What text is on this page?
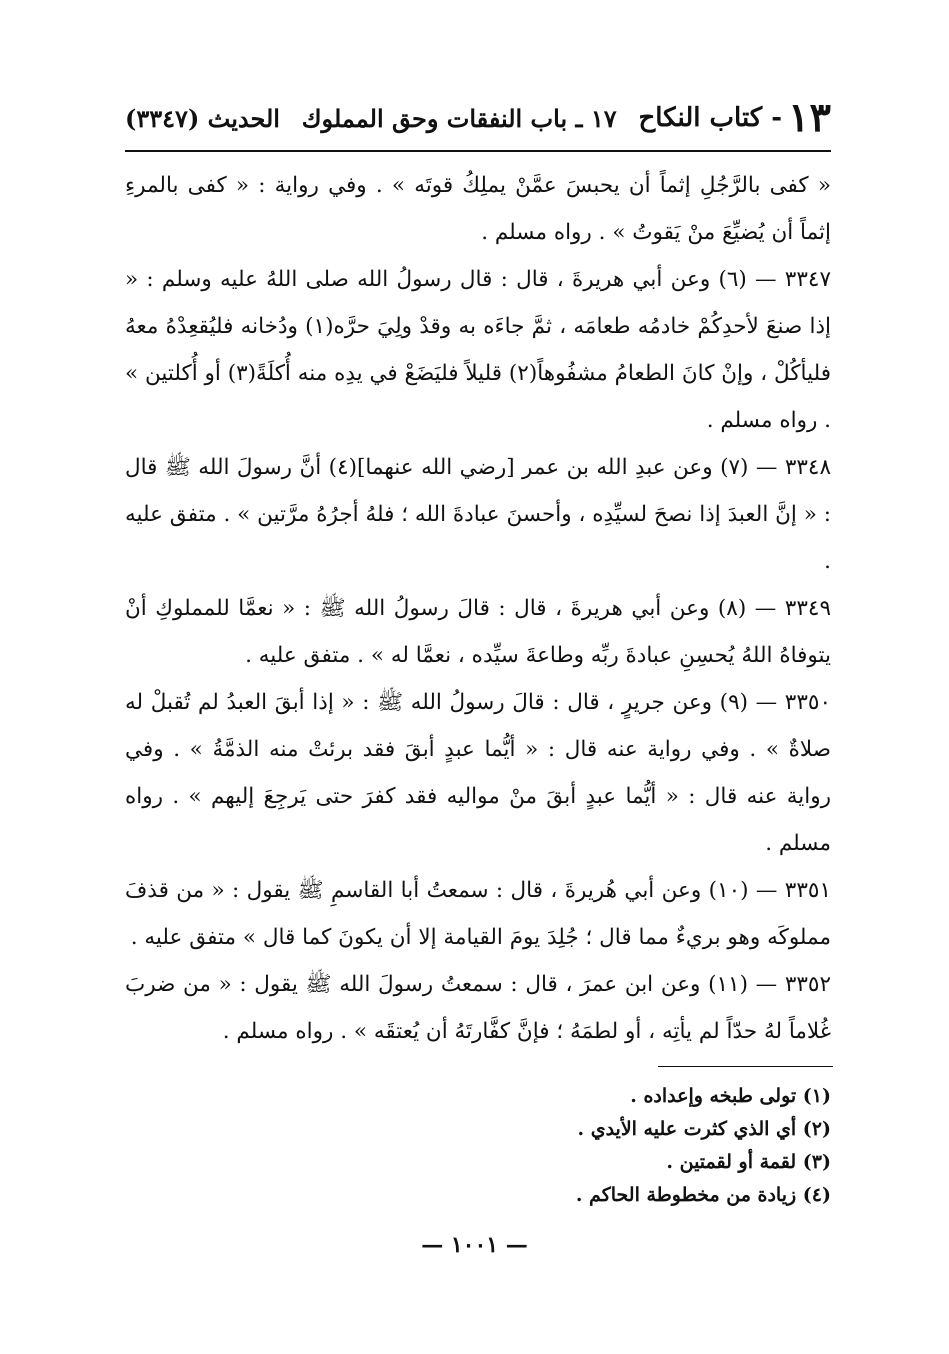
١٣
- كتاب النكاح
١٧ ـ باب النفقات وحق المملوك
الحديث (٣٣٤٧)

« كفى بالرَّجُلِ إثماً أن يحبسَ عمَّنْ يملِكُ قوتَه » . وفي رواية : « كفى بالمرءِ إثماً أن يُضيِّعَ منْ يَقوتُ » . رواه مسلم .

٣٣٤٧ — (٦) وعن أبي هريرةَ ، قال : قال رسولُ الله صلى اللهُ عليه وسلم : « إذا صنعَ لأحدِكُمْ خادمُه طعامَه ، ثمَّ جاءَه به وقدْ ولِيَ حرَّه(١) ودُخانه فليُقعِدْهُ معهُ فليأكُلْ ، وإنْ كانَ الطعامُ مشفُوهاً(٢) قليلاً فليَضَعْ في يدِه منه أُكلَةً(٣) أو أُكلتين » . رواه مسلم .

٣٣٤٨ — (٧) وعن عبدِ الله بن عمر [رضي الله عنهما](٤) أنَّ رسولَ الله ﷺ قال : « إنَّ العبدَ إذا نصحَ لسيِّدِه ، وأحسنَ عبادةَ الله ؛ فلهُ أجرُهُ مرَّتين » . متفق عليه .

٣٣٤٩ — (٨) وعن أبي هريرةَ ، قال : قالَ رسولُ الله ﷺ : « نعمَّا للمملوكِ أنْ يتوفاهُ اللهُ يُحسِنِ عبادةَ ربِّه وطاعةَ سيِّده ، نعمَّا له » . متفق عليه .

٣٣٥٠ — (٩) وعن جريرٍ ، قال : قالَ رسولُ الله ﷺ : « إذا أبقَ العبدُ لم تُقبلْ له صلاةٌ » . وفي رواية عنه قال : « أيُّما عبدٍ أبقَ فقد برئتْ منه الذمَّةُ » . وفي رواية عنه قال : « أيُّما عبدٍ أبقَ منْ مواليه فقد كفرَ حتى يَرجِعَ إليهم » . رواه مسلم .

٣٣٥١ — (١٠) وعن أبي هُريرةَ ، قال : سمعتُ أبا القاسمِ ﷺ يقول : « من قذفَ مملوكَه وهو بريءٌ مما قال ؛ جُلِدَ يومَ القيامة إلا أن يكونَ كما قال » متفق عليه .

٣٣٥٢ — (١١) وعن ابن عمرَ ، قال : سمعتُ رسولَ الله ﷺ يقول : « من ضربَ غُلاماً لهُ حدّاً لم يأتِه ، أو لطمَهُ ؛ فإنَّ كفَّارتَهُ أن يُعتقَه » . رواه مسلم .

(١) تولى طبخه وإعداده .
(٢) أي الذي كثرت عليه الأيدي .
(٣) لقمة أو لقمتين .
(٤) زيادة من مخطوطة الحاكم .
— ١٠٠١ —
